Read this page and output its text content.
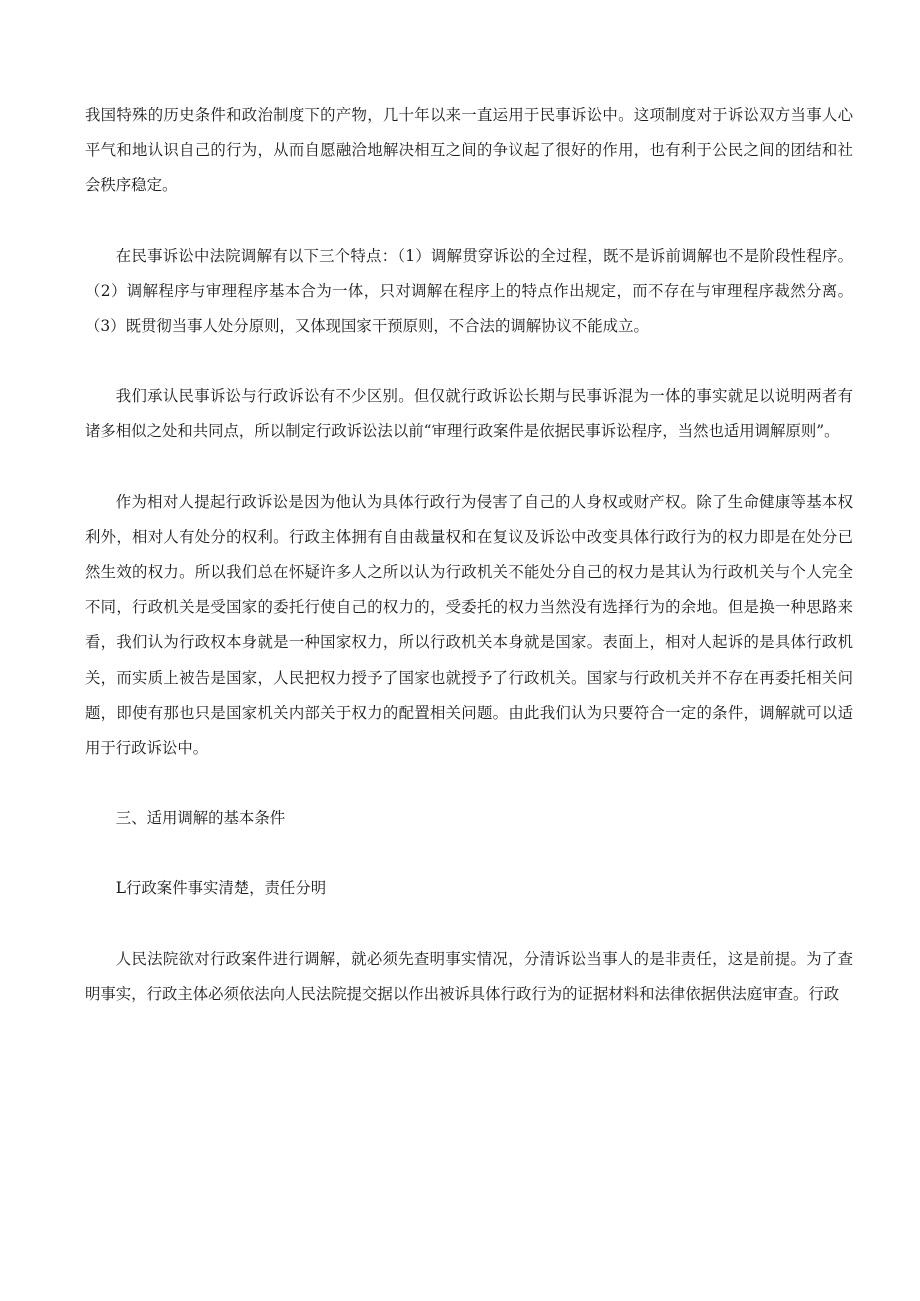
我国特殊的历史条件和政治制度下的产物，几十年以来一直运用于民事诉讼中。这项制度对于诉讼双方当事人心平气和地认识自己的行为，从而自愿融洽地解决相互之间的争议起了很好的作用，也有利于公民之间的团结和社会秩序稳定。

在民事诉讼中法院调解有以下三个特点：（1）调解贯穿诉讼的全过程，既不是诉前调解也不是阶段性程序。（2）调解程序与审理程序基本合为一体，只对调解在程序上的特点作出规定，而不存在与审理程序裁然分离。（3）既贯彻当事人处分原则，又体现国家干预原则，不合法的调解协议不能成立。

我们承认民事诉讼与行政诉讼有不少区别。但仅就行政诉讼长期与民事诉混为一体的事实就足以说明两者有诸多相似之处和共同点，所以制定行政诉讼法以前“审理行政案件是依据民事诉讼程序，当然也适用调解原则”。

作为相对人提起行政诉讼是因为他认为具体行政行为侵害了自己的人身权或财产权。除了生命健康等基本权利外，相对人有处分的权利。行政主体拥有自由裁量权和在复议及诉讼中改变具体行政行为的权力即是在处分已然生效的权力。所以我们总在怀疑许多人之所以认为行政机关不能处分自己的权力是其认为行政机关与个人完全不同，行政机关是受国家的委托行使自己的权力的，受委托的权力当然没有选择行为的余地。但是换一种思路来看，我们认为行政权本身就是一种国家权力，所以行政机关本身就是国家。表面上，相对人起诉的是具体行政机关，而实质上被告是国家，人民把权力授予了国家也就授予了行政机关。国家与行政机关并不存在再委托相关问题，即使有那也只是国家机关内部关于权力的配置相关问题。由此我们认为只要符合一定的条件，调解就可以适用于行政诉讼中。

三、适用调解的基本条件

L行政案件事实清楚，责任分明

人民法院欲对行政案件进行调解，就必须先查明事实情况，分清诉讼当事人的是非责任，这是前提。为了查明事实，行政主体必须依法向人民法院提交据以作出被诉具体行政行为的证据材料和法律依据供法庭审查。行政
